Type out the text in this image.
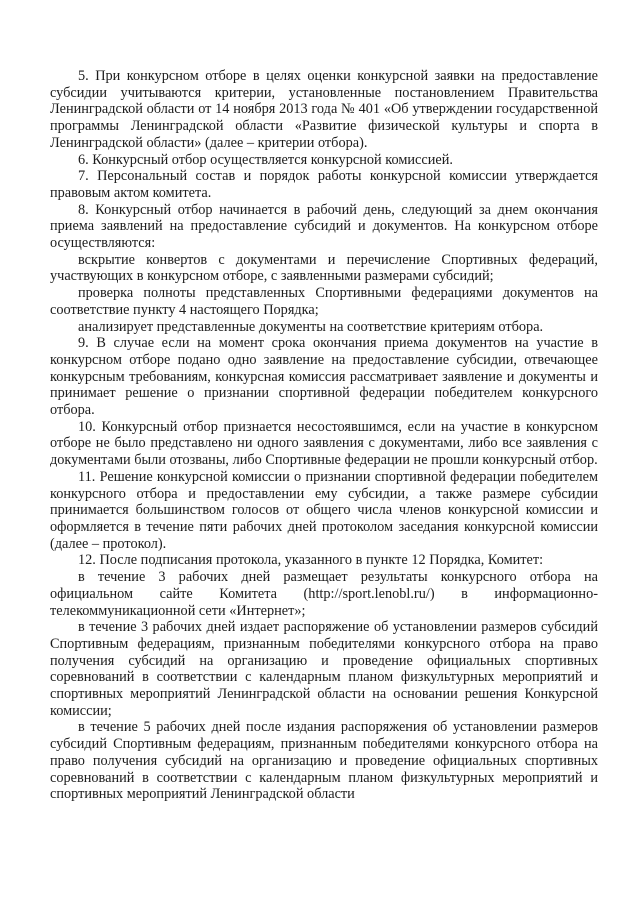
5. При конкурсном отборе в целях оценки конкурсной заявки на предоставление субсидии учитываются критерии, установленные постановлением Правительства Ленинградской области от 14 ноября 2013 года № 401 «Об утверждении государственной программы Ленинградской области «Развитие физической культуры и спорта в Ленинградской области» (далее – критерии отбора).

6. Конкурсный отбор осуществляется конкурсной комиссией.

7. Персональный состав и порядок работы конкурсной комиссии утверждается правовым актом комитета.

8. Конкурсный отбор начинается в рабочий день, следующий за днем окончания приема заявлений на предоставление субсидий и документов. На конкурсном отборе осуществляются:

вскрытие конвертов с документами и перечисление Спортивных федераций, участвующих в конкурсном отборе, с заявленными размерами субсидий;

проверка полноты представленных Спортивными федерациями документов на соответствие пункту 4 настоящего Порядка;

анализирует представленные документы на соответствие критериям отбора.

9. В случае если на момент срока окончания приема документов на участие в конкурсном отборе подано одно заявление на предоставление субсидии, отвечающее конкурсным требованиям, конкурсная комиссия рассматривает заявление и документы и принимает решение о признании спортивной федерации победителем конкурсного отбора.

10. Конкурсный отбор признается несостоявшимся, если на участие в конкурсном отборе не было представлено ни одного заявления с документами, либо все заявления с документами были отозваны, либо Спортивные федерации не прошли конкурсный отбор.

11. Решение конкурсной комиссии о признании спортивной федерации победителем конкурсного отбора и предоставлении ему субсидии, а также размере субсидии принимается большинством голосов от общего числа членов конкурсной комиссии и оформляется в течение пяти рабочих дней протоколом заседания конкурсной комиссии (далее – протокол).

12. После подписания протокола, указанного в пункте 12 Порядка, Комитет:

в течение 3 рабочих дней размещает результаты конкурсного отбора на официальном сайте Комитета (http://sport.lenobl.ru/) в информационно-телекоммуникационной сети «Интернет»;

в течение 3 рабочих дней издает распоряжение об установлении размеров субсидий Спортивным федерациям, признанным победителями конкурсного отбора на право получения субсидий на организацию и проведение официальных спортивных соревнований в соответствии с календарным планом физкультурных мероприятий и спортивных мероприятий Ленинградской области на основании решения Конкурсной комиссии;

в течение 5 рабочих дней после издания распоряжения об установлении размеров субсидий Спортивным федерациям, признанным победителями конкурсного отбора на право получения субсидий на организацию и проведение официальных спортивных соревнований в соответствии с календарным планом физкультурных мероприятий и спортивных мероприятий Ленинградской области
